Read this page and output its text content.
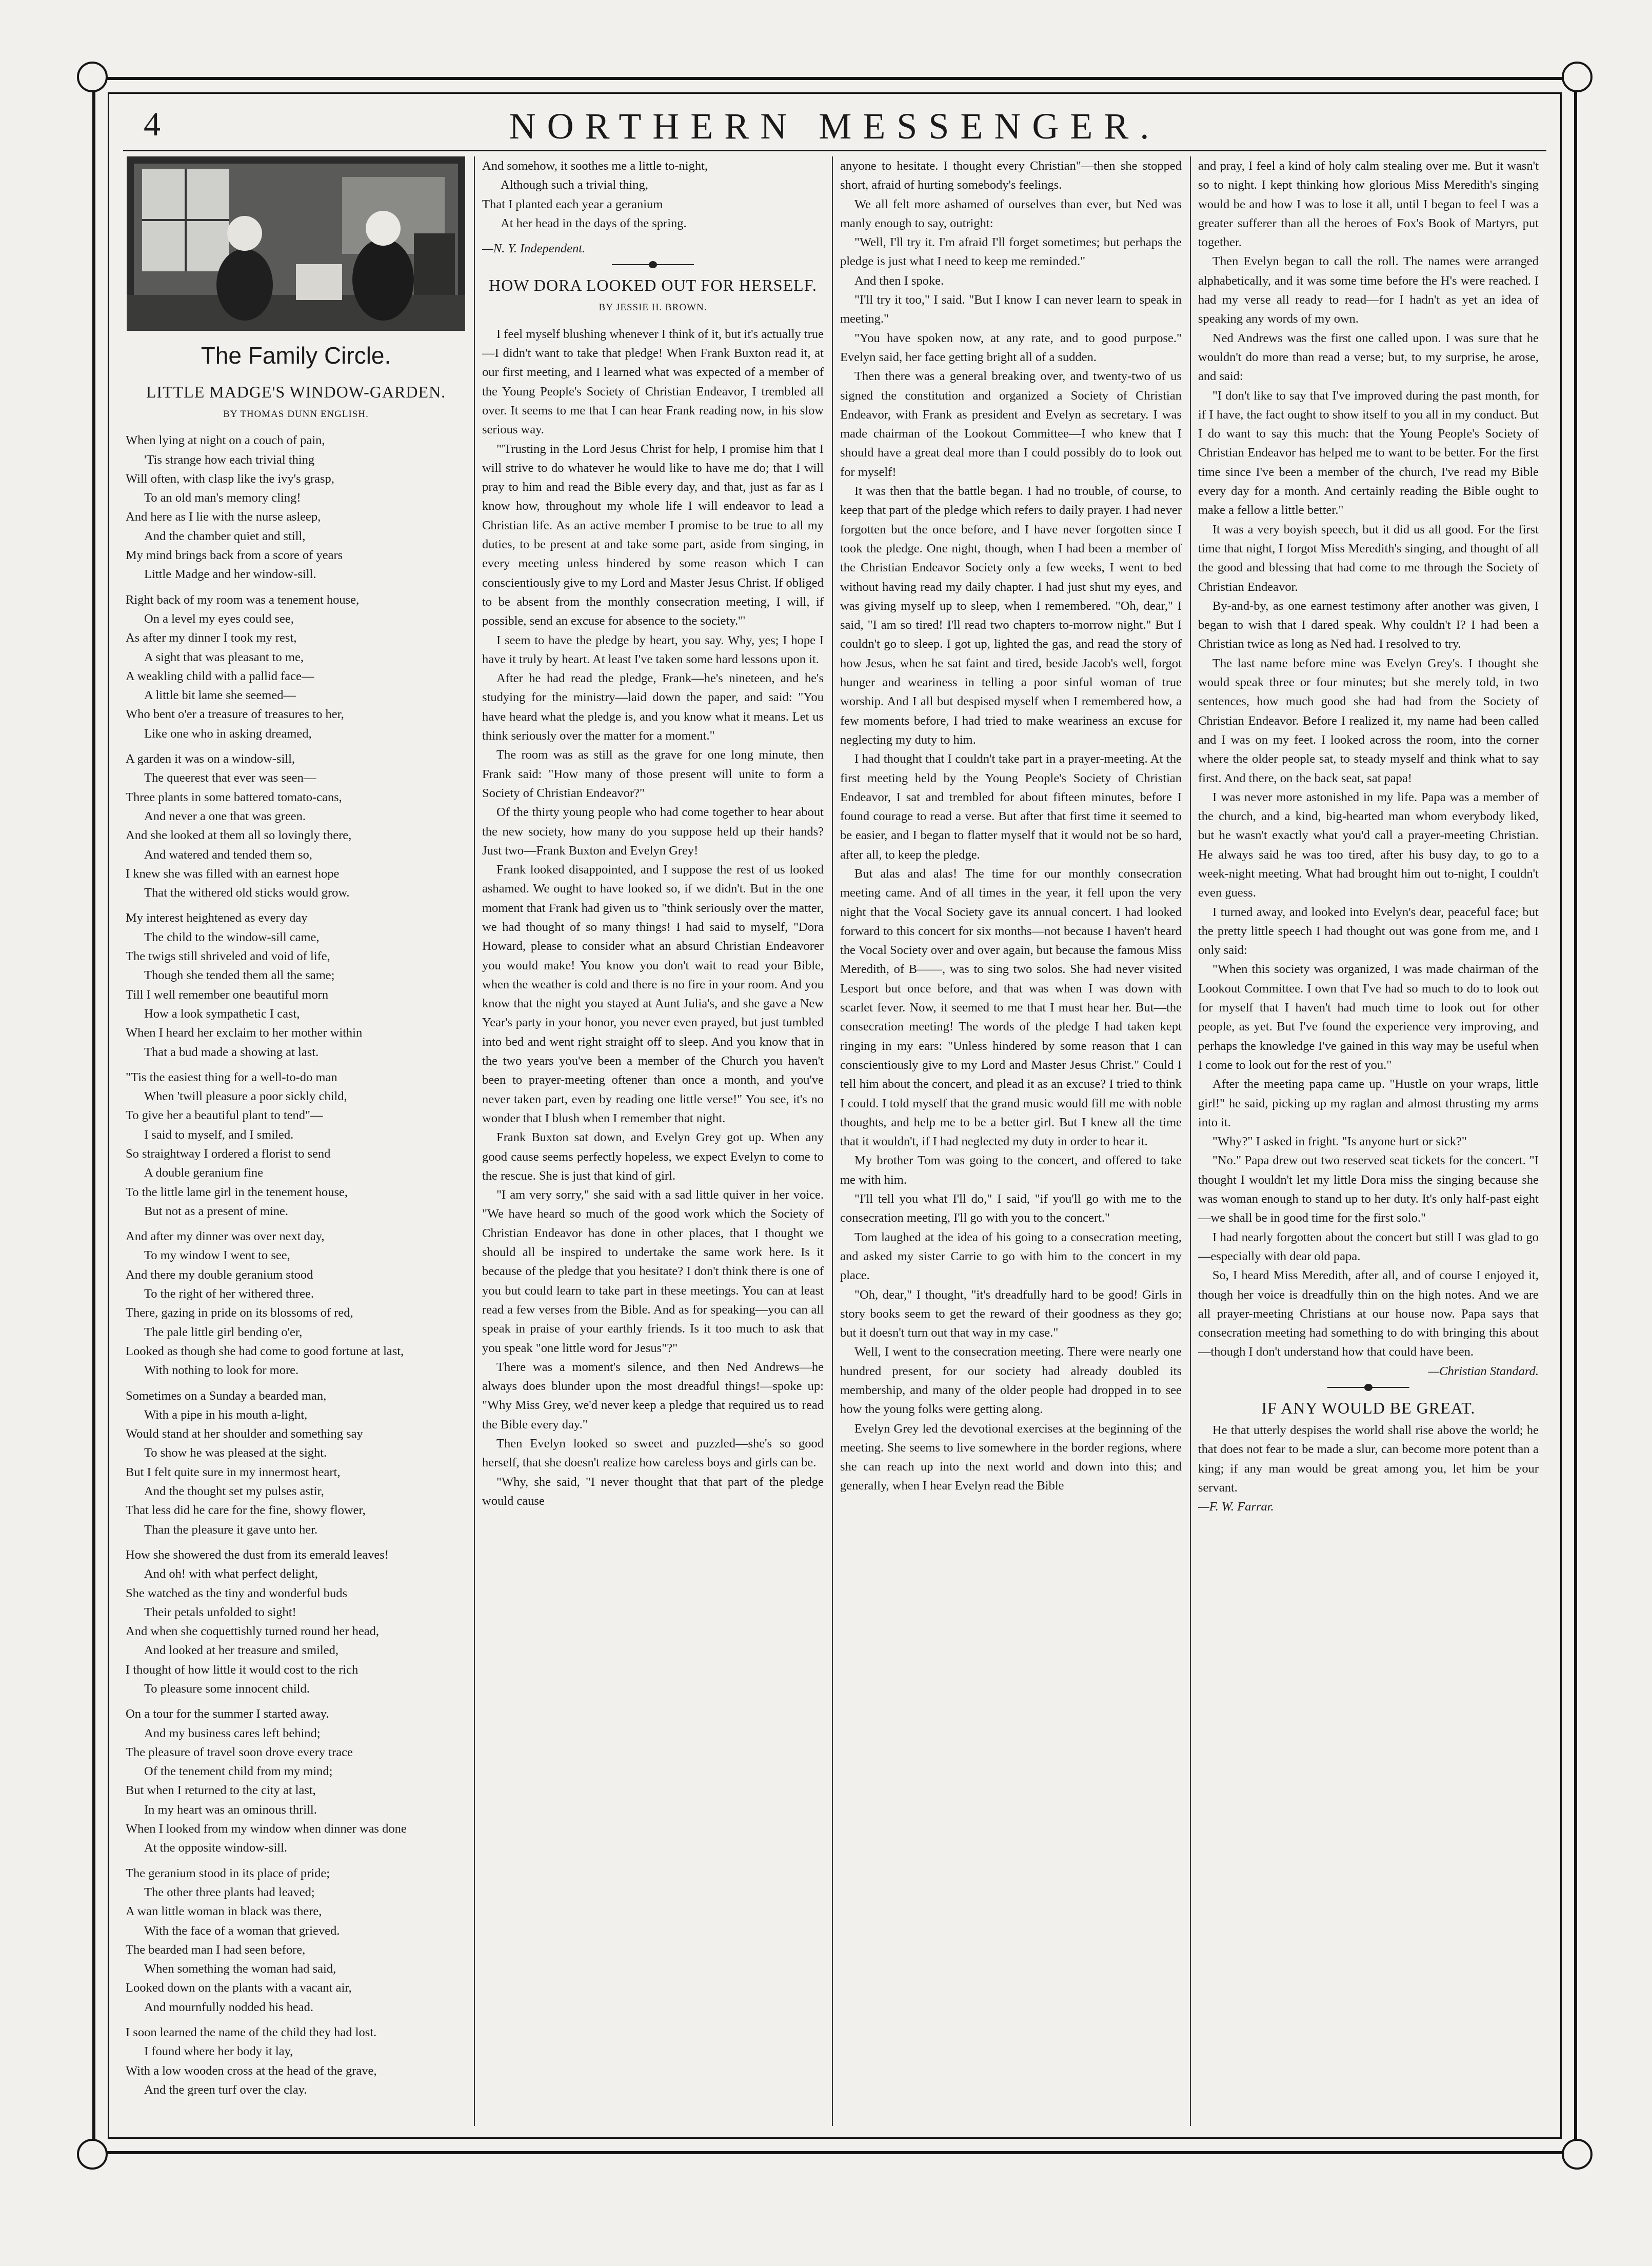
4	NORTHERN MESSENGER.
The Family Circle.
LITTLE MADGE'S WINDOW-GARDEN.
BY THOMAS DUNN ENGLISH.
When lying at night on a couch of pain,
'Tis strange how each trivial thing
Will often, with clasp like the ivy's grasp,
To an old man's memory cling!
And here as I lie with the nurse asleep,
And the chamber quiet and still,
My mind brings back from a score of years
Little Madge and her window-sill.
Right back of my room was a tenement house,
On a level my eyes could see,
As after my dinner I took my rest,
A sight that was pleasant to me,
A weakling child with a pallid face—
A little bit lame she seemed—
Who bent o'er a treasure of treasures to her,
Like one who in asking dreamed,
A garden it was on a window-sill,
The queerest that ever was seen—
Three plants in some battered tomato-cans,
And never a one that was green.
And she looked at them all so lovingly there,
And watered and tended them so,
I knew she was filled with an earnest hope
That the withered old sticks would grow.
My interest heightened as every day
The child to the window-sill came,
The twigs still shriveled and void of life,
Though she tended them all the same;
Till I well remember one beautiful morn
How a look sympathetic I cast,
When I heard her exclaim to her mother within
That a bud made a showing at last.
"Tis the easiest thing for a well-to-do man
When 'twill pleasure a poor sickly child,
To give her a beautiful plant to tend"—
I said to myself, and I smiled.
So straightway I ordered a florist to send
A double geranium fine
To the little lame girl in the tenement house,
But not as a present of mine.
And after my dinner was over next day,
To my window I went to see,
And there my double geranium stood
To the right of her withered three.
There, gazing in pride on its blossoms of red,
The pale little girl bending o'er,
Looked as though she had come to good fortune at last,
With nothing to look for more.
Sometimes on a Sunday a bearded man,
With a pipe in his mouth a-light,
Would stand at her shoulder and something say
To show he was pleased at the sight.
But I felt quite sure in my innermost heart,
And the thought set my pulses astir,
That less did he care for the fine, showy flower,
Than the pleasure it gave unto her.
How she showered the dust from its emerald leaves!
And oh! with what perfect delight,
She watched as the tiny and wonderful buds
Their petals unfolded to sight!
And when she coquettishly turned round her head,
And looked at her treasure and smiled,
I thought of how little it would cost to the rich
To pleasure some innocent child.
On a tour for the summer I started away.
And my business cares left behind;
The pleasure of travel soon drove every trace
Of the tenement child from my mind;
But when I returned to the city at last,
In my heart was an ominous thrill.
When I looked from my window when dinner was done
At the opposite window-sill.
The geranium stood in its place of pride;
The other three plants had leaved;
A wan little woman in black was there,
With the face of a woman that grieved.
The bearded man I had seen before,
When something the woman had said,
Looked down on the plants with a vacant air,
And mournfully nodded his head.
I soon learned the name of the child they had lost.
I found where her body it lay,
With a low wooden cross at the head of the grave,
And the green turf over the clay.
And somehow, it soothes me a little to-night,
Although such a trivial thing,
That I planted each year a geranium
At her head in the days of the spring.

—N. Y. Independent.

HOW DORA LOOKED OUT FOR HERSELF.
BY JESSIE H. BROWN.

I feel myself blushing whenever I think of it, but it's actually true—I didn't want to take that pledge! When Frank Buxton read it, at our first meeting, and I learned what was expected of a member of the Young People's Society of Christian Endeavor, I trembled all over. It seems to me that I can hear Frank reading now, in his slow serious way.

"'Trusting in the Lord Jesus Christ for help, I promise him that I will strive to do whatever he would like to have me do; that I will pray to him and read the Bible every day, and that, just as far as I know how, throughout my whole life I will endeavor to lead a Christian life. As an active member I promise to be true to all my duties, to be present at and take some part, aside from singing, in every meeting unless hindered by some reason which I can conscientiously give to my Lord and Master Jesus Christ. If obliged to be absent from the monthly consecration meeting, I will, if possible, send an excuse for absence to the society.'"

I seem to have the pledge by heart, you say. Why, yes; I hope I have it truly by heart. At least I've taken some hard lessons upon it.

After he had read the pledge, Frank—he's nineteen, and he's studying for the ministry—laid down the paper, and said: "You have heard what the pledge is, and you know what it means. Let us think seriously over the matter for a moment."

The room was as still as the grave for one long minute, then Frank said: "How many of those present will unite to form a Society of Christian Endeavor?"

Of the thirty young people who had come together to hear about the new society, how many do you suppose held up their hands? Just two—Frank Buxton and Evelyn Grey!

Frank looked disappointed, and I suppose the rest of us looked ashamed. We ought to have looked so, if we didn't. But in the one moment that Frank had given us to "think seriously over the matter, we had thought of so many things! I had said to myself, "Dora Howard, please to consider what an absurd Christian Endeavorer you would make! You know you don't wait to read your Bible, when the weather is cold and there is no fire in your room. And you know that the night you stayed at Aunt Julia's, and she gave a New Year's party in your honor, you never even prayed, but just tumbled into bed and went right straight off to sleep. And you know that in the two years you've been a member of the Church you haven't been to prayer-meeting oftener than once a month, and you've never taken part, even by reading one little verse!" You see, it's no wonder that I blush when I remember that night.

Frank Buxton sat down, and Evelyn Grey got up. When any good cause seems perfectly hopeless, we expect Evelyn to come to the rescue. She is just that kind of girl.

"I am very sorry," she said with a sad little quiver in her voice. "We have heard so much of the good work which the Society of Christian Endeavor has done in other places, that I thought we should all be inspired to undertake the same work here. Is it because of the pledge that you hesitate? I don't think there is one of you but could learn to take part in these meetings. You can at least read a few verses from the Bible. And as for speaking—you can all speak in praise of your earthly friends. Is it too much to ask that you speak "one little word for Jesus"?"

There was a moment's silence, and then Ned Andrews—he always does blunder upon the most dreadful things!—spoke up: "Why Miss Grey, we'd never keep a pledge that required us to read the Bible every day."

Then Evelyn looked so sweet and puzzled—she's so good herself, that she doesn't realize how careless boys and girls can be.

"Why, she said, "I never thought that that part of the pledge would cause

anyone to hesitate. I thought every Christian"—then she stopped short, afraid of hurting somebody's feelings.

We all felt more ashamed of ourselves than ever, but Ned was manly enough to say, outright:

"Well, I'll try it. I'm afraid I'll forget sometimes; but perhaps the pledge is just what I need to keep me reminded."

And then I spoke.

"I'll try it too," I said. "But I know I can never learn to speak in meeting."

"You have spoken now, at any rate, and to good purpose." Evelyn said, her face getting bright all of a sudden.

Then there was a general breaking over, and twenty-two of us signed the constitution and organized a Society of Christian Endeavor, with Frank as president and Evelyn as secretary. I was made chairman of the Lookout Committee—I who knew that I should have a great deal more than I could possibly do to look out for myself!

It was then that the battle began. I had no trouble, of course, to keep that part of the pledge which refers to daily prayer. I had never forgotten but the once before, and I have never forgotten since I took the pledge. One night, though, when I had been a member of the Christian Endeavor Society only a few weeks, I went to bed without having read my daily chapter. I had just shut my eyes, and was giving myself up to sleep, when I remembered. "Oh, dear," I said, "I am so tired! I'll read two chapters to-morrow night." But I couldn't go to sleep. I got up, lighted the gas, and read the story of how Jesus, when he sat faint and tired, beside Jacob's well, forgot hunger and weariness in telling a poor sinful woman of true worship. And I all but despised myself when I remembered how, a few moments before, I had tried to make weariness an excuse for neglecting my duty to him.

I had thought that I couldn't take part in a prayer-meeting. At the first meeting held by the Young People's Society of Christian Endeavor, I sat and trembled for about fifteen minutes, before I found courage to read a verse. But after that first time it seemed to be easier, and I began to flatter myself that it would not be so hard, after all, to keep the pledge.

But alas and alas! The time for our monthly consecration meeting came. And of all times in the year, it fell upon the very night that the Vocal Society gave its annual concert. I had looked forward to this concert for six months—not because I haven't heard the Vocal Society over and over again, but because the famous Miss Meredith, of B——, was to sing two solos. She had never visited Lesport but once before, and that was when I was down with scarlet fever. Now, it seemed to me that I must hear her. But—the consecration meeting! The words of the pledge I had taken kept ringing in my ears: "Unless hindered by some reason that I can conscientiously give to my Lord and Master Jesus Christ." Could I tell him about the concert, and plead it as an excuse? I tried to think I could. I told myself that the grand music would fill me with noble thoughts, and help me to be a better girl. But I knew all the time that it wouldn't, if I had neglected my duty in order to hear it.

My brother Tom was going to the concert, and offered to take me with him.

"I'll tell you what I'll do," I said, "if you'll go with me to the consecration meeting, I'll go with you to the concert."

Tom laughed at the idea of his going to a consecration meeting, and asked my sister Carrie to go with him to the concert in my place.

"Oh, dear," I thought, "it's dreadfully hard to be good! Girls in story books seem to get the reward of their goodness as they go; but it doesn't turn out that way in my case."

Well, I went to the consecration meeting. There were nearly one hundred present, for our society had already doubled its membership, and many of the older people had dropped in to see how the young folks were getting along.

Evelyn Grey led the devotional exercises at the beginning of the meeting. She seems to live somewhere in the border regions, where she can reach up into the next world and down into this; and generally, when I hear Evelyn read the Bible

and pray, I feel a kind of holy calm stealing over me. But it wasn't so to night. I kept thinking how glorious Miss Meredith's singing would be and how I was to lose it all, until I began to feel I was a greater sufferer than all the heroes of Fox's Book of Martyrs, put together.

Then Evelyn began to call the roll. The names were arranged alphabetically, and it was some time before the H's were reached. I had my verse all ready to read—for I hadn't as yet an idea of speaking any words of my own.

Ned Andrews was the first one called upon. I was sure that he wouldn't do more than read a verse; but, to my surprise, he arose, and said:

"I don't like to say that I've improved during the past month, for if I have, the fact ought to show itself to you all in my conduct. But I do want to say this much: that the Young People's Society of Christian Endeavor has helped me to want to be better. For the first time since I've been a member of the church, I've read my Bible every day for a month. And certainly reading the Bible ought to make a fellow a little better."

It was a very boyish speech, but it did us all good. For the first time that night, I forgot Miss Meredith's singing, and thought of all the good and blessing that had come to me through the Society of Christian Endeavor.

By-and-by, as one earnest testimony after another was given, I began to wish that I dared speak. Why couldn't I? I had been a Christian twice as long as Ned had. I resolved to try.

The last name before mine was Evelyn Grey's. I thought she would speak three or four minutes; but she merely told, in two sentences, how much good she had had from the Society of Christian Endeavor. Before I realized it, my name had been called and I was on my feet. I looked across the room, into the corner where the older people sat, to steady myself and think what to say first. And there, on the back seat, sat papa!

I was never more astonished in my life. Papa was a member of the church, and a kind, big-hearted man whom everybody liked, but he wasn't exactly what you'd call a prayer-meeting Christian. He always said he was too tired, after his busy day, to go to a week-night meeting. What had brought him out to-night, I couldn't even guess.

I turned away, and looked into Evelyn's dear, peaceful face; but the pretty little speech I had thought out was gone from me, and I only said:

"When this society was organized, I was made chairman of the Lookout Committee. I own that I've had so much to do to look out for myself that I haven't had much time to look out for other people, as yet. But I've found the experience very improving, and perhaps the knowledge I've gained in this way may be useful when I come to look out for the rest of you."

After the meeting papa came up. "Hustle on your wraps, little girl!" he said, picking up my raglan and almost thrusting my arms into it.

"Why?" I asked in fright. "Is anyone hurt or sick?"

"No." Papa drew out two reserved seat tickets for the concert. "I thought I wouldn't let my little Dora miss the singing because she was woman enough to stand up to her duty. It's only half-past eight—we shall be in good time for the first solo."

I had nearly forgotten about the concert but still I was glad to go—especially with dear old papa.

So, I heard Miss Meredith, after all, and of course I enjoyed it, though her voice is dreadfully thin on the high notes. And we are all prayer-meeting Christians at our house now. Papa says that consecration meeting had something to do with bringing this about—though I don't understand how that could have been.

—Christian Standard.

IF ANY WOULD BE GREAT.

He that utterly despises the world shall rise above the world; he that does not fear to be made a slur, can become more potent than a king; if any man would be great among you, let him be your servant.

—F. W. Farrar.
